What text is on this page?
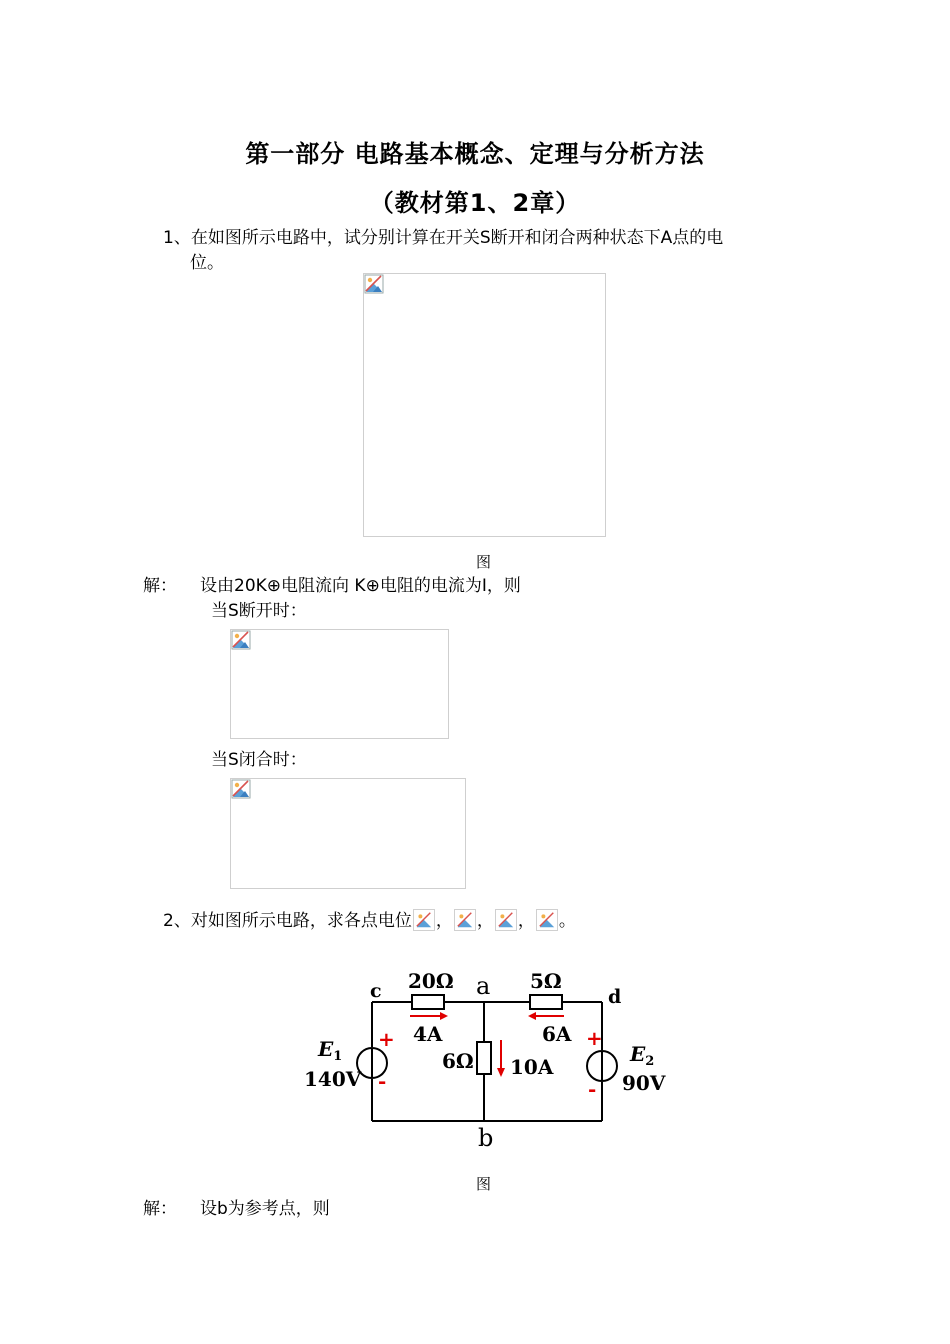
第一部分 电路基本概念、定理与分析方法
（教材第1、2章）
1、在如图所示电路中，试分别计算在开关S断开和闭合两种状态下A点的电
位。
图
解： 设由20K⊕电阻流向 K⊕电阻的电流为I，则
当S断开时：
当S闭合时：
2、对如图所示电路，求各点电位 ， ， ， 。
c	a	d
b
20Ω	5Ω
6Ω
4A	6A
10A
+
-
+
-
$E_1$
140V
$E_2$
90V
图
解： 设b为参考点，则
